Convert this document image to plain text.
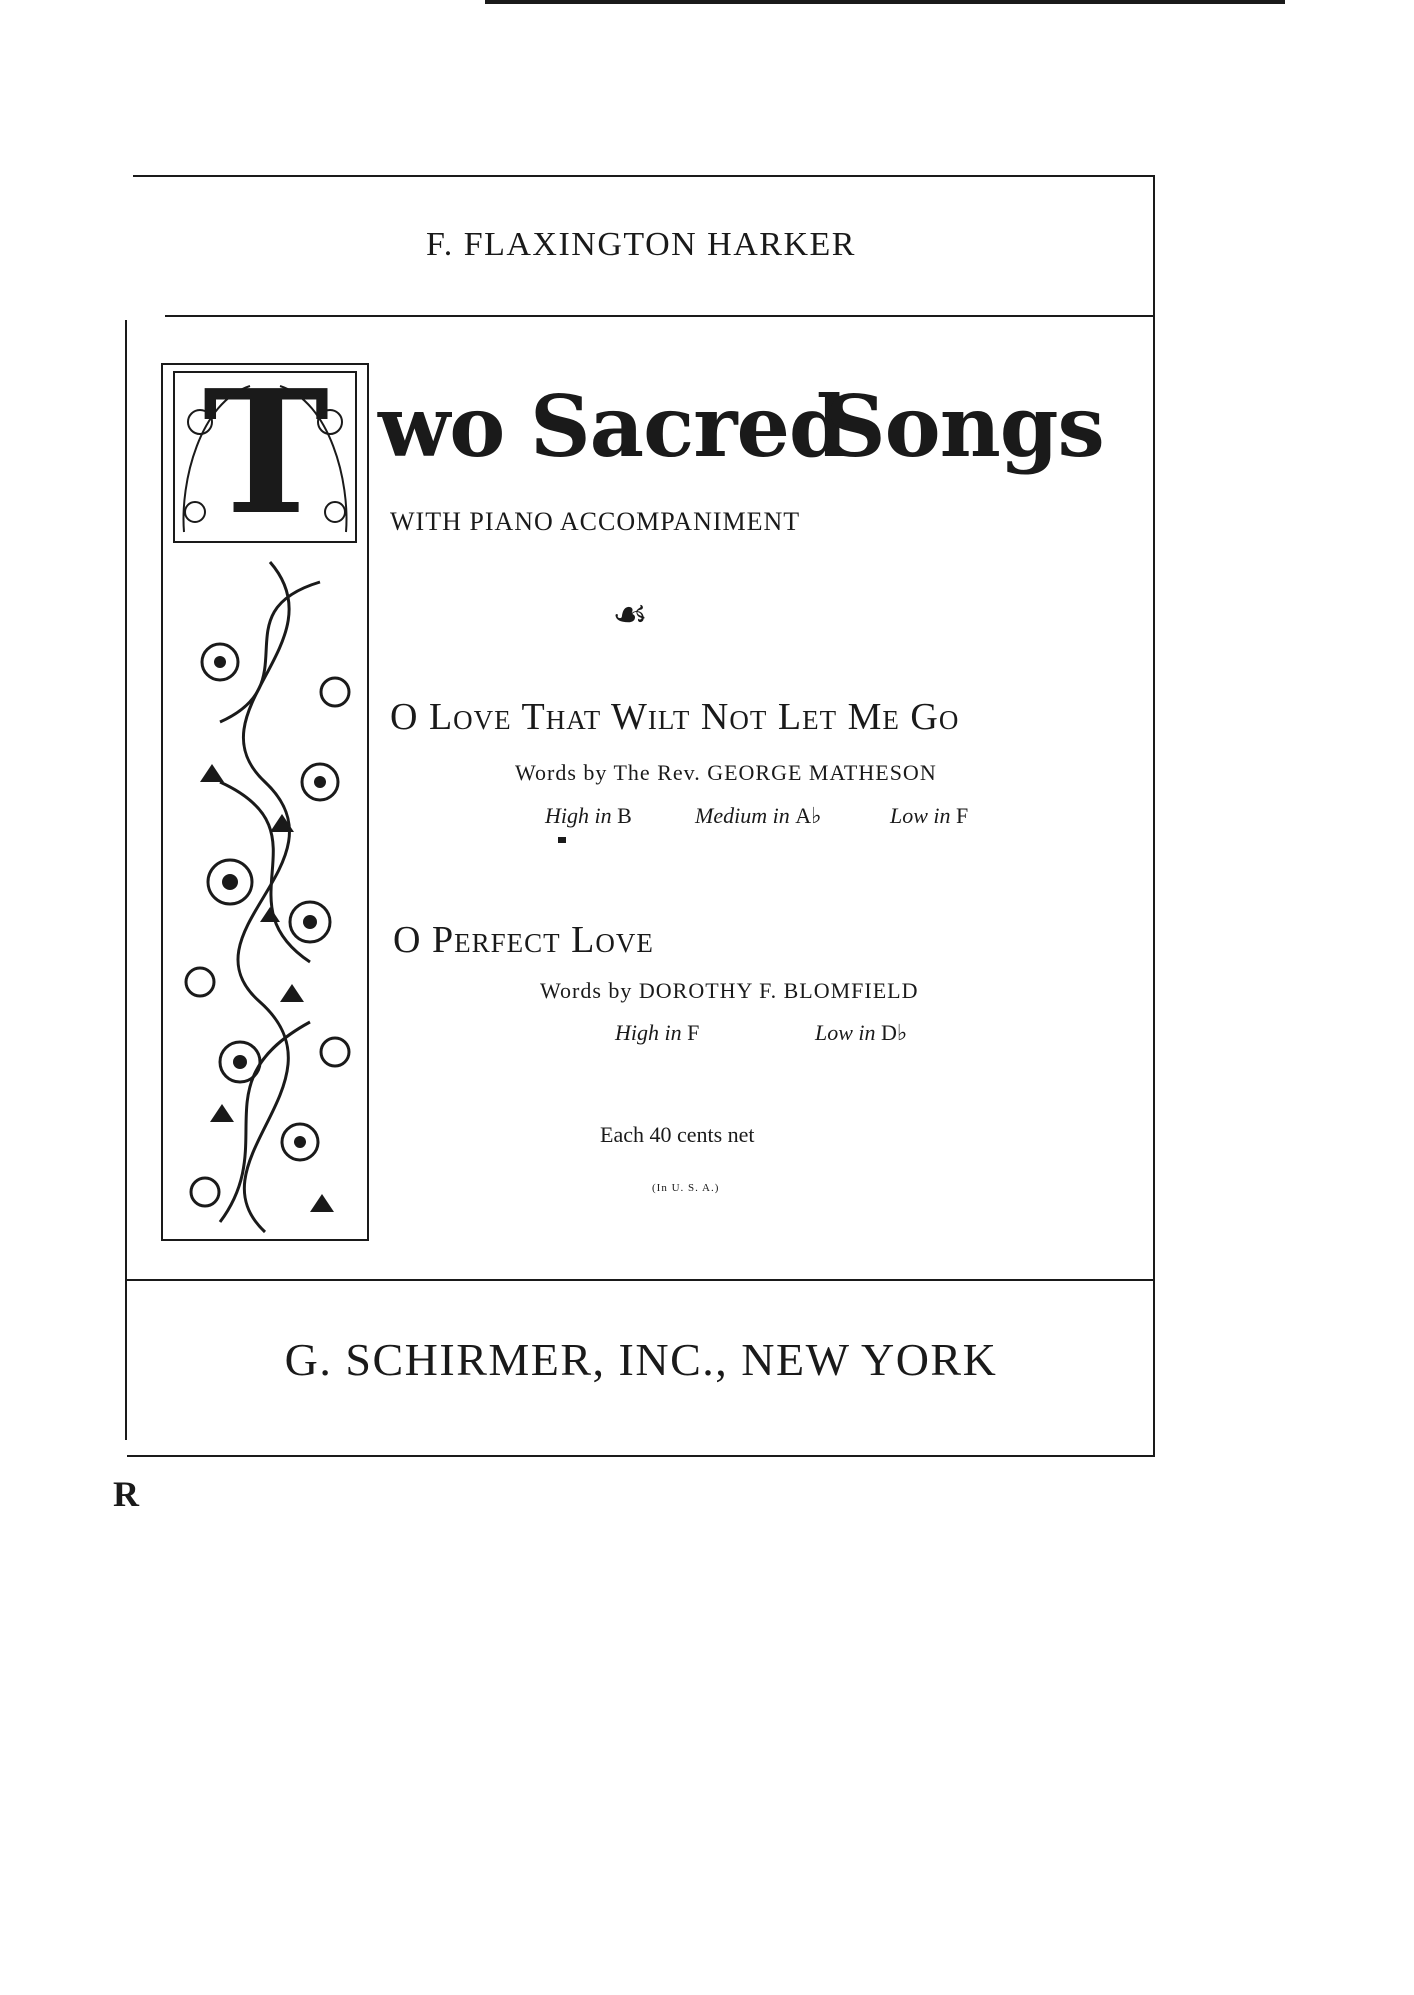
F. FLAXINGTON HARKER
T wo Sacred
Songs
WITH PIANO ACCOMPANIMENT
☙
O LOVE THAT WILT NOT LET ME GO
Words by The Rev. GEORGE MATHESON
High in B	Medium in A♭	Low in F
O PERFECT LOVE
Words by DOROTHY F. BLOMFIELD
High in F	Low in D♭
Each 40 cents net
(In U. S. A.)
G. SCHIRMER, INC., NEW YORK
R
